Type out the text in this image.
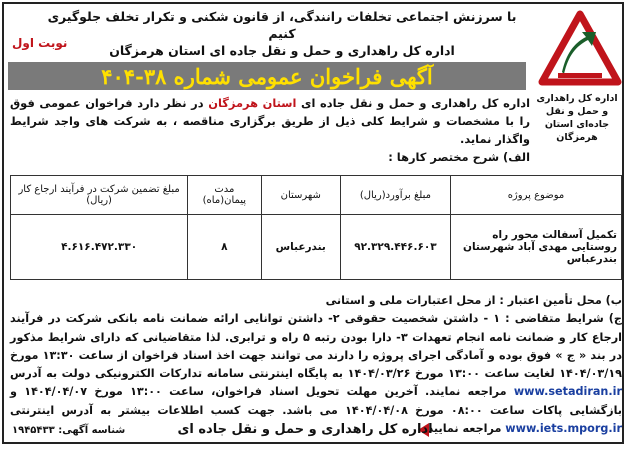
اداره کل راهداری و حمل و نقل جاده‌ای استان هرمزگان
با سرزنش اجتماعی تخلفات رانندگی، از قانون شکنی و تکرار تخلف جلوگیری کنیم
اداره کل راهداری و حمل و نقل جاده ای استان هرمزگان
نوبت اول
آگهی فراخوان عمومی شماره ۳۸-۴۰۴
اداره کل راهداری و حمل و نقل جاده ای استان هرمزگان در نظر دارد فراخوان عمومی فوق را با مشخصات و شرایط کلی ذیل از طریق برگزاری مناقصه ، به شرکت های واجد شرایط واگذار نماید.
الف) شرح مختصر کارها :
موضوع پروژه	مبلغ برآورد(ریال)	شهرستان	مدت پیمان(ماه)	مبلغ تضمین شرکت در فرآیند ارجاع کار (ریال)
تکمیل آسفالت محور راه روستایی مهدی آباد شهرستان بندرعباس	۹۲.۳۲۹.۴۴۶.۶۰۳	بندرعباس	۸	۴.۶۱۶.۴۷۲.۳۳۰
ب) محل تأمین اعتبار : از محل اعتبارات ملی و استانی
ج) شرایط متقاضی : ۱ - داشتن شخصیت حقوقی ۲- داشتن توانایی ارائه ضمانت نامه بانکی شرکت در فرآیند ارجاع کار و ضمانت نامه انجام تعهدات ۳- دارا بودن رتبه ۵ راه و ترابری. لذا متقاضیانی که دارای شرایط مذکور در بند « ج » فوق بوده و آمادگی اجرای پروژه را دارند می توانند جهت اخذ اسناد فراخوان از ساعت ۱۳:۳۰ مورخ ۱۴۰۴/۰۳/۱۹ لغایت ساعت ۱۳:۰۰ مورخ ۱۴۰۴/۰۳/۲۶ به پایگاه اینترنتی سامانه تدارکات الکترونیکی دولت به آدرس www.setadiran.ir مراجعه نمایند. آخرین مهلت تحویل اسناد فراخوان، ساعت ۱۳:۰۰ مورخ ۱۴۰۴/۰۴/۰۷ و بازگشایی پاکات ساعت ۰۸:۰۰ مورخ ۱۴۰۴/۰۴/۰۸ می باشد. جهت کسب اطلاعات بیشتر به آدرس اینترنتی www.iets.mporg.ir مراجعه نمایید.
اداره کل راهداری و حمل و نقل جاده ای
شناسه آگهی: ۱۹۴۵۴۳۳
